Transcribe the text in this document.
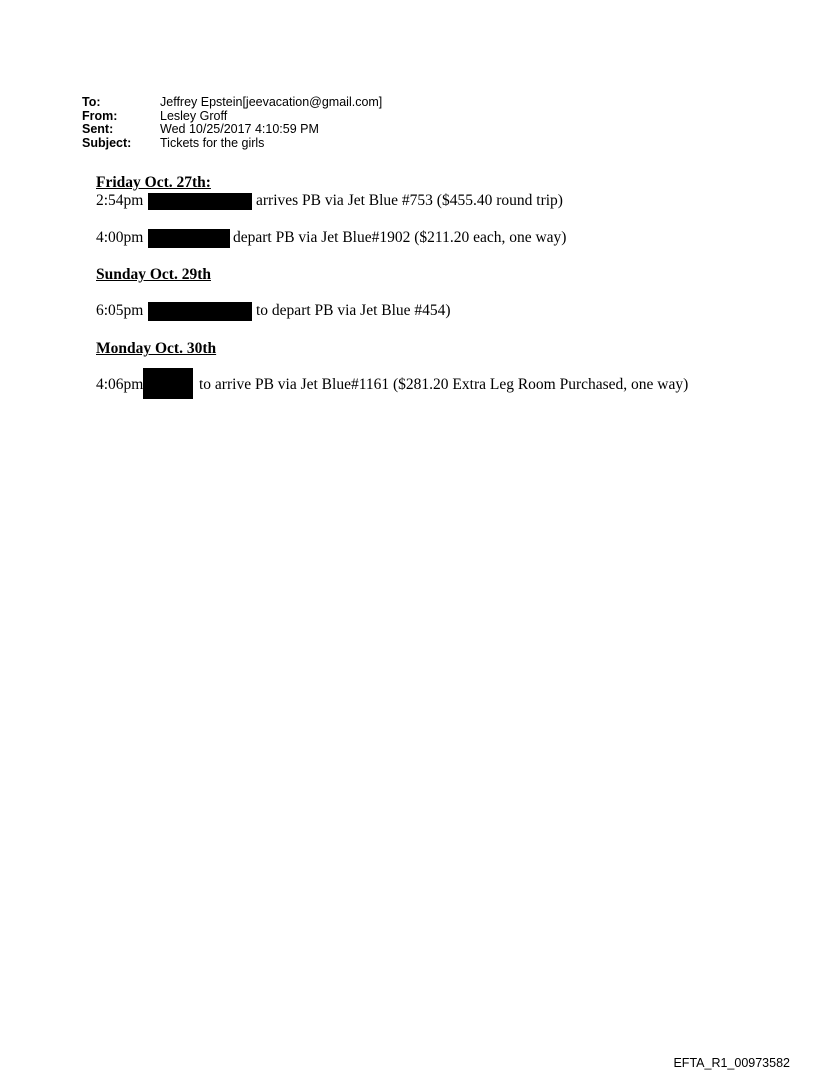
To:	Jeffrey Epstein[jeevacation@gmail.com]
From:	Lesley Groff
Sent:	Wed 10/25/2017 4:10:59 PM
Subject:	Tickets for the girls
Friday Oct. 27th:
2:54pm	arrives PB via Jet Blue #753 ($455.40 round trip)
4:00pm	depart PB via Jet Blue#1902 ($211.20 each, one way)
Sunday Oct. 29th
6:05pm	to depart PB via Jet Blue #454)
Monday Oct. 30th
4:06pm	to arrive PB via Jet Blue#1161 ($281.20 Extra Leg Room Purchased, one way)
EFTA_R1_00973582
